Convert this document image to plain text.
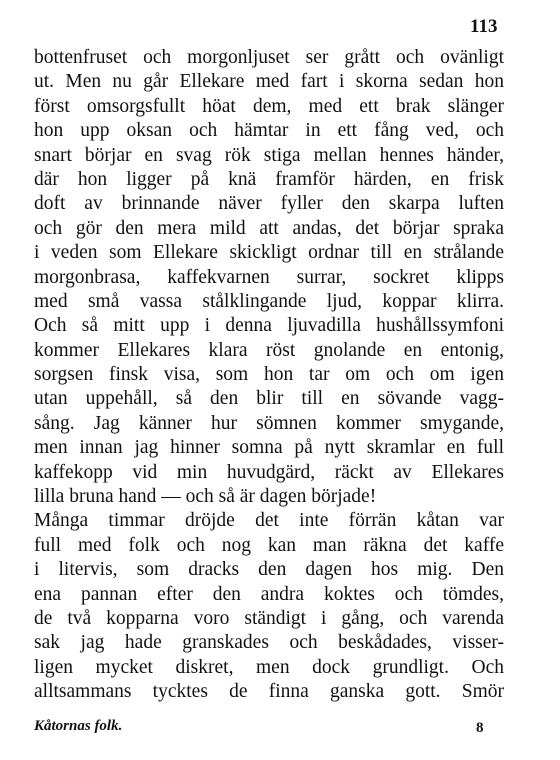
113
bottenfruset och morgonljuset ser grått och ovänligt
ut. Men nu går Ellekare med fart i skorna sedan hon
först omsorgsfullt höat dem, med ett brak slänger
hon upp oksan och hämtar in ett fång ved, och
snart börjar en svag rök stiga mellan hennes händer,
där hon ligger på knä framför härden, en frisk
doft av brinnande näver fyller den skarpa luften
och gör den mera mild att andas, det börjar spraka
i veden som Ellekare skickligt ordnar till en strålande
morgonbrasa, kaffekvarnen surrar, sockret klipps
med små vassa stålklingande ljud, koppar klirra.
Och så mitt upp i denna ljuvadilla hushållssymfoni
kommer Ellekares klara röst gnolande en entonig,
sorgsen finsk visa, som hon tar om och om igen
utan uppehåll, så den blir till en sövande vagg-
sång. Jag känner hur sömnen kommer smygande,
men innan jag hinner somna på nytt skramlar en full
kaffekopp vid min huvudgärd, räckt av Ellekares
lilla bruna hand — och så är dagen började!
Många timmar dröjde det inte förrän kåtan var
full med folk och nog kan man räkna det kaffe
i litervis, som dracks den dagen hos mig. Den
ena pannan efter den andra koktes och tömdes,
de två kopparna voro ständigt i gång, och varenda
sak jag hade granskades och beskådades, visser-
ligen mycket diskret, men dock grundligt. Och
alltsammans tycktes de finna ganska gott. Smör
Kåtornas folk.	8
